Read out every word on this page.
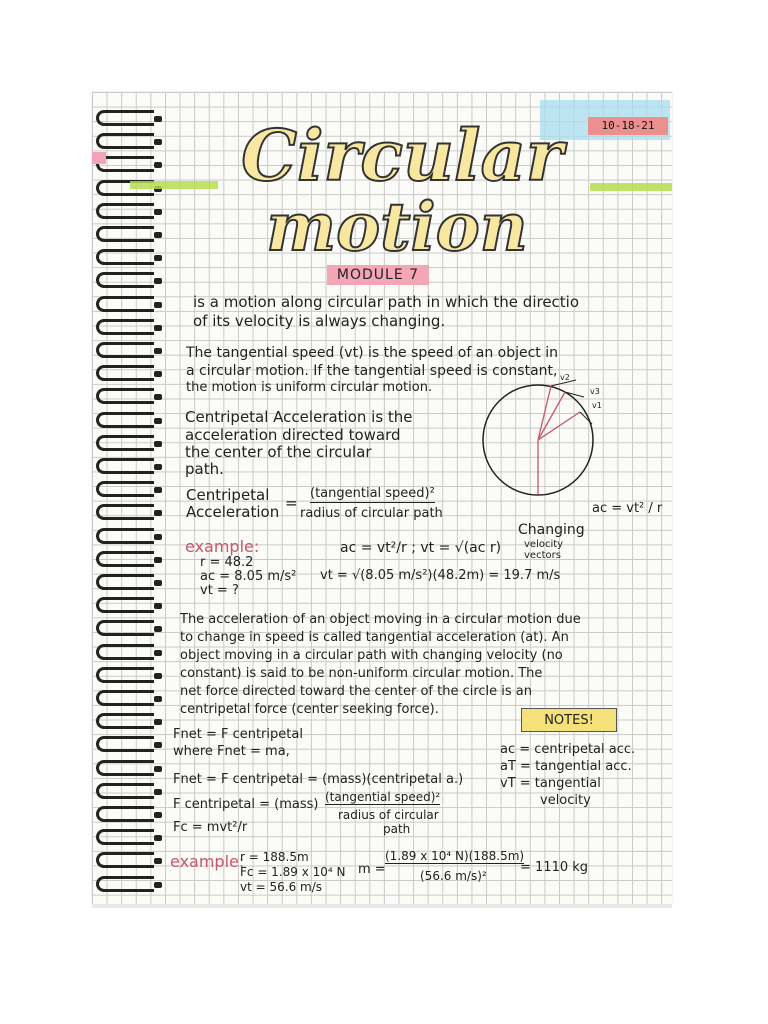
10-18-21
Circular
motion
MODULE 7
is a motion along circular path in which the directio
of its velocity is always changing.
The tangential speed (vt) is the speed of an object in
a circular motion. If the tangential speed is constant,
the motion is uniform circular motion.
Centripetal Acceleration is the
acceleration directed toward
the center of the circular
path.
v2
v3
v1
Changing
velocity
vectors
ac = vt² / r
Centripetal
Acceleration =
(tangential speed)²
radius of circular path
example:
r = 48.2
ac = 8.05 m/s²
vt = ?
ac = vt²/r ; vt = √(ac r)
vt = √(8.05 m/s²)(48.2m) = 19.7 m/s
The acceleration of an object moving in a circular motion due
to change in speed is called tangential acceleration (at). An
object moving in a circular path with changing velocity (no
constant) is said to be non-uniform circular motion. The
net force directed toward the center of the circle is an
centripetal force (center seeking force).
NOTES!
ac = centripetal acc.
aT = tangential acc.
vT = tangential
velocity
Fnet = F centripetal
where Fnet = ma,
Fnet = F centripetal = (mass)(centripetal a.)
F centripetal = (mass) (tangential speed)²
radius of circular
path
Fc = mvt²/r
example:
r = 188.5m
Fc = 1.89 x 10⁴ N
vt = 56.6 m/s
m =
(1.89 x 10⁴ N)(188.5m)
(56.6 m/s)²
= 1110 kg
